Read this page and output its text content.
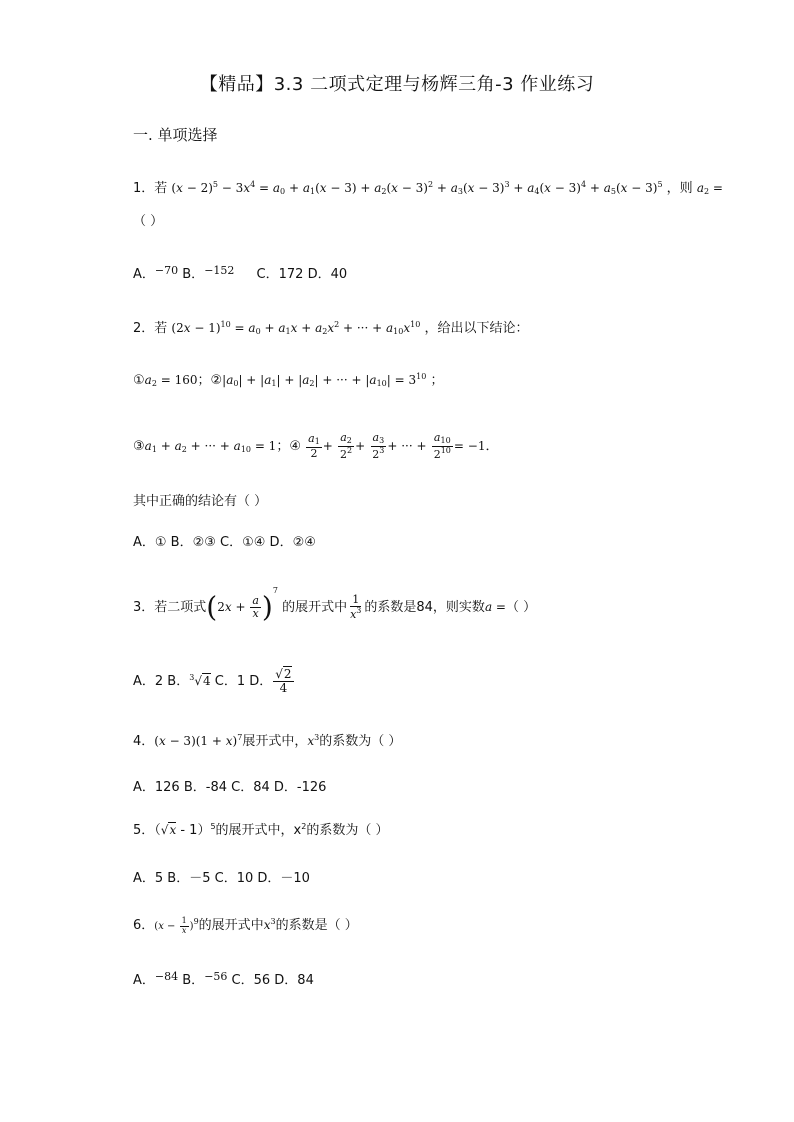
【精品】3.3 二项式定理与杨辉三角-3 作业练习
一. 单项选择
1．若 $(x - 2)^5 - 3x^4 = a_0 + a_1(x - 3) + a_2(x - 3)^2 + a_3(x - 3)^3 + a_4(x - 3)^4 + a_5(x - 3)^5$ ，则 $a_2$ =
（ ）
A．$^{-70}$ B．$^{-152}$ C．172 D．40
2．若 $(2x - 1)^{10} = a_0 + a_1x + a_2x^2$ + ··· + $a_{10}x^{10}$ ，给出以下结论：
$①a_2 = 160$；$②|a_0| + |a_1| + |a_2|$ + ··· + $|a_{10}| = 3^{10}$ ；
$③a_1 + a_2$ + ··· + $a_{10} = 1$；④ $\frac{a_1}{2} + \frac{a_2}{2^2} + \frac{a_3}{2^3}$ + ··· + $\frac{a_{10}}{2^{10}} = -1$．
其中正确的结论有（ ）
A．① B．②③ C．①④ D．②④
3．若二项式$(2x + \frac{a}{x} )^7$ 的展开式中 $\frac{1}{x^3}$ 的系数是84，则实数a =（ ）
A．2 B．$^3$√4 C．1 D． $\frac{√2}{4}$
4．$(x - 3)(1 + x)^7$展开式中，$x^3$的系数为（ ）
A．126 B．-84 C．84 D．-126
5．（√x - 1）$^5$的展开式中，$x^2$的系数为（ ）
A．5 B．－5 C．10 D．－10
6．$(x - \frac{1}{x} )^9$的展开式中$x^3$的系数是（ ）
A．$^{-84}$ B．$^{-56}$ C．56 D．84
